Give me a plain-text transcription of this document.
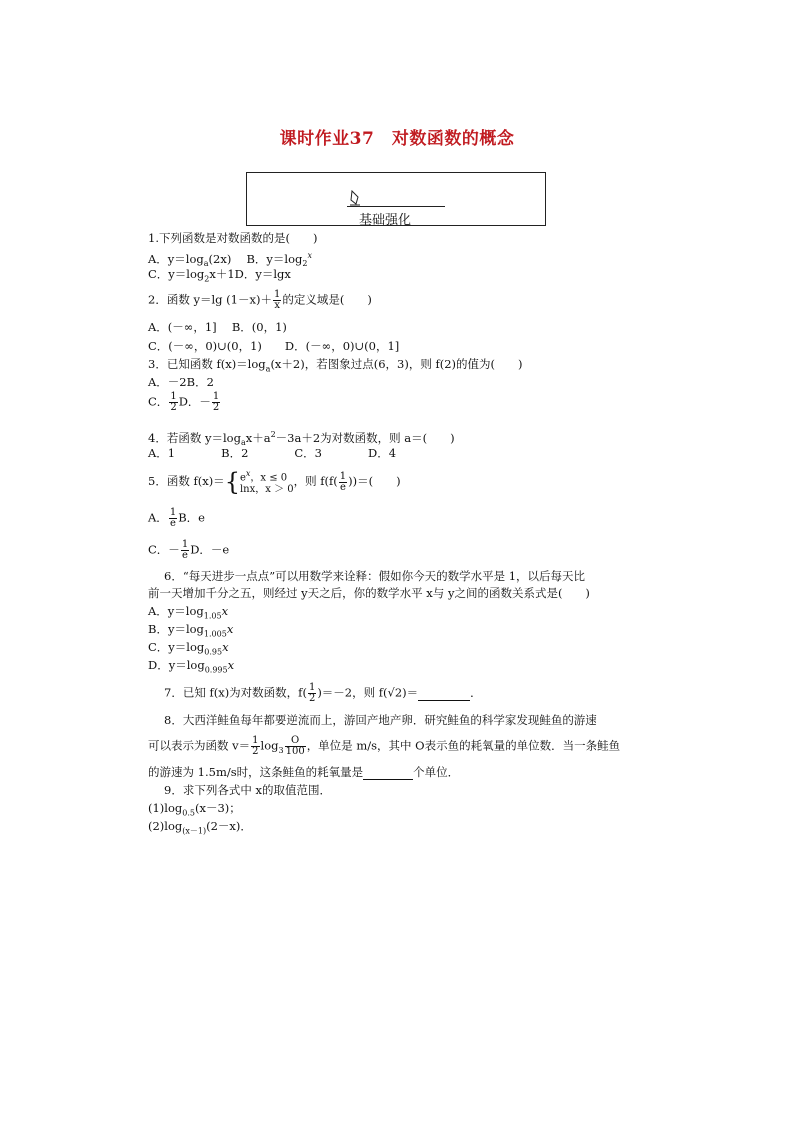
课时作业37　对数函数的概念
基础强化
1.下列函数是对数函数的是(　　)
A．$y=\log_a(2x)$　 B．$y=\log_2^x$
C．$y=\log_2x+1D$．y＝lgx
2．函数 y＝lg $(1-x)+ \frac{1}{x}$ 的定义域是(　　)
A．(－∞，1]　 B．(0，1)
C．(－∞，0)∪(0，1)　　D．(－∞，0)∪(0，1]
3．已知函数 $f(x)=\log_a(x+2)$，若图象过点(6，3)，则 f(2)的值为(　　)
A．－2B．2
C． $\frac{1}{2}$ D．－ $\frac{1}{2}$
4．若函数 $y=\log_ax+a^2-3a+2$为对数函数，则 a＝(　　)
A．1　　　　B．2　　　　C．3　　　　D．4
5．函数 $f(x)=\{e^x$，x ≤ 0
lnx，x ＞ 0，则 $f(f( \frac{1}{e}$ ))＝(　　)
A． $\frac{1}{e}$ B．e
C．－ $\frac{1}{e}$ D．－e
6．“每天进步一点点”可以用数学来诠释：假如你今天的数学水平是 1，以后每天比
前一天增加千分之五，则经过 y天之后，你的数学水平 x与 y之间的函数关系式是(　　)
A．$y=\log_{1.05}x$
B．$y=\log_{1.005}x$
C．$y=\log_{0.95}x$
D．$y=\log_{0.995}x$
7．已知 f(x)为对数函数，$f( \frac{1}{2} )=-2$，则 f(√2)＝	．
8．大西洋鲑鱼每年都要逆流而上，游回产地产卵．研究鲑鱼的科学家发现鲑鱼的游速
可以表示为函数 $v= \frac{1}{2} \log_3 \frac{O}{100}$ ，单位是 m/s，其中 O表示鱼的耗氧量的单位数．当一条鲑鱼
的游速为 1.5m/s时，这条鲑鱼的耗氧量是	个单位．
9．求下列各式中 x的取值范围．
$(1)\log_{0.5}(x-3)$；
$(2)\log_{(x-1)}(2-x)$．
